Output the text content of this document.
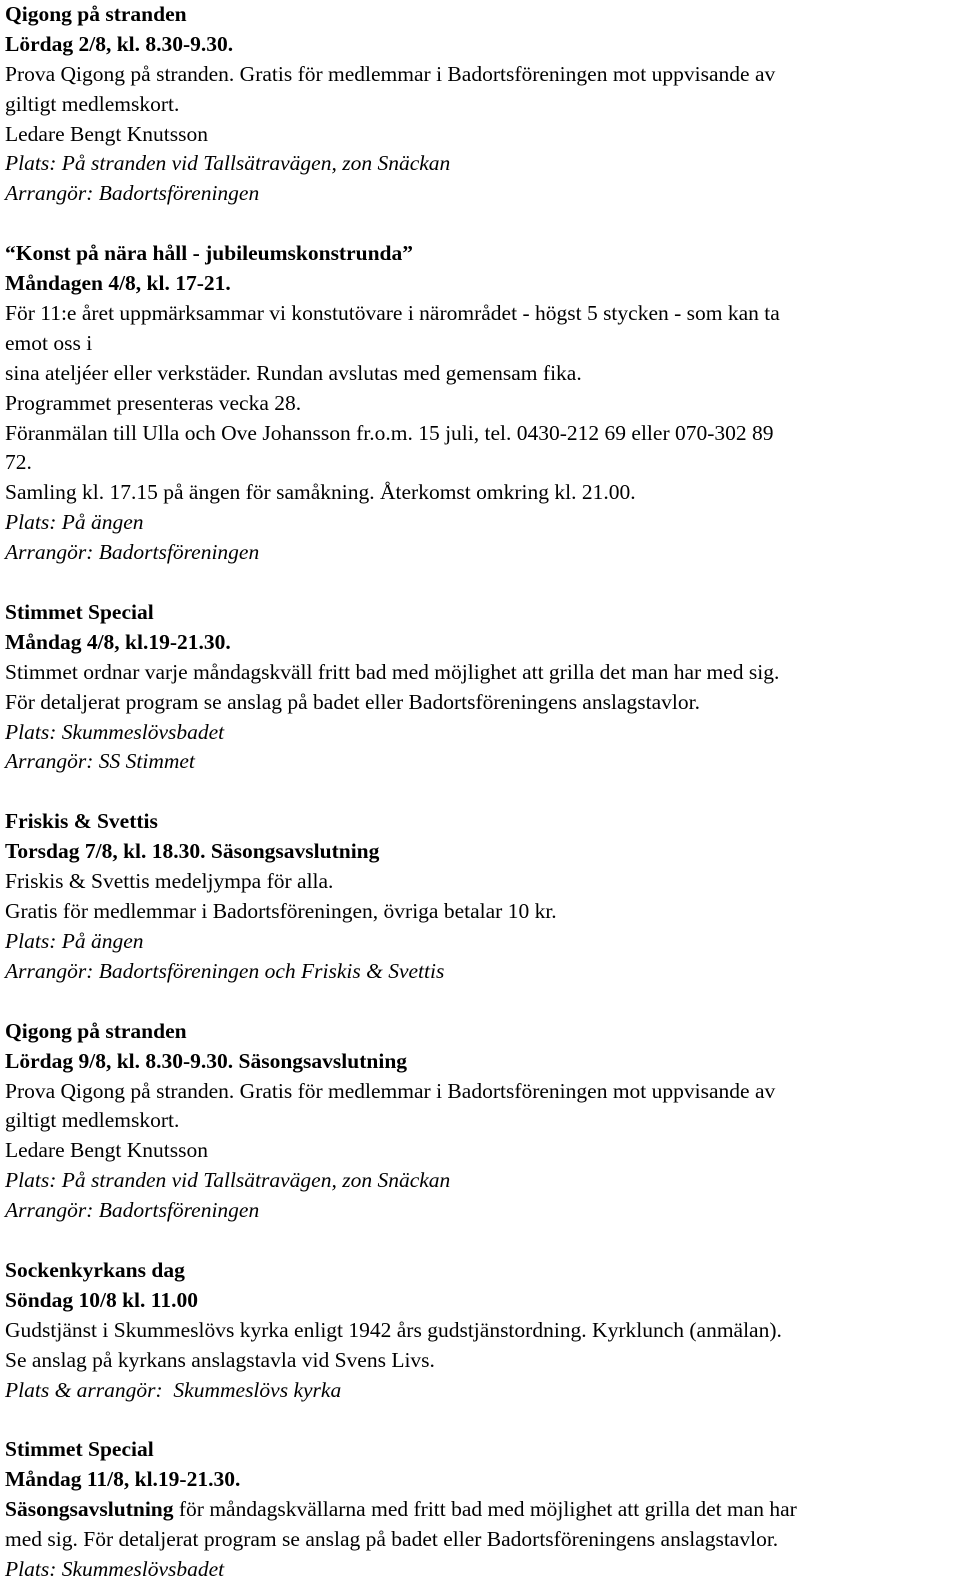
Qigong på stranden
Lördag 2/8, kl. 8.30-9.30.
Prova Qigong på stranden. Gratis för medlemmar i Badortsföreningen mot uppvisande av
giltigt medlemskort.
Ledare Bengt Knutsson
Plats: På stranden vid Tallsätravägen, zon Snäckan
Arrangör: Badortsföreningen
“Konst på nära håll - jubileumskonstrunda”
Måndagen 4/8, kl. 17-21.
För 11:e året uppmärksammar vi konstutövare i närområdet - högst 5 stycken - som kan ta
emot oss i
sina ateljéer eller verkstäder. Rundan avslutas med gemensam fika.
Programmet presenteras vecka 28.
Föranmälan till Ulla och Ove Johansson fr.o.m. 15 juli, tel. 0430-212 69 eller 070-302 89
72.
Samling kl. 17.15 på ängen för samåkning. Återkomst omkring kl. 21.00.
Plats: På ängen
Arrangör: Badortsföreningen
Stimmet Special
Måndag 4/8, kl.19-21.30.
Stimmet ordnar varje måndagskväll fritt bad med möjlighet att grilla det man har med sig.
För detaljerat program se anslag på badet eller Badortsföreningens anslagstavlor.
Plats: Skummeslövsbadet
Arrangör: SS Stimmet
Friskis & Svettis
Torsdag 7/8, kl. 18.30. Säsongsavslutning
Friskis & Svettis medeljympa för alla.
Gratis för medlemmar i Badortsföreningen, övriga betalar 10 kr.
Plats: På ängen
Arrangör: Badortsföreningen och Friskis & Svettis
Qigong på stranden
Lördag 9/8, kl. 8.30-9.30. Säsongsavslutning
Prova Qigong på stranden. Gratis för medlemmar i Badortsföreningen mot uppvisande av
giltigt medlemskort.
Ledare Bengt Knutsson
Plats: På stranden vid Tallsätravägen, zon Snäckan
Arrangör: Badortsföreningen
Sockenkyrkans dag
Söndag 10/8 kl. 11.00
Gudstjänst i Skummeslövs kyrka enligt 1942 års gudstjänstordning. Kyrklunch (anmälan).
Se anslag på kyrkans anslagstavla vid Svens Livs.
Plats & arrangör:  Skummeslövs kyrka
Stimmet Special
Måndag 11/8, kl.19-21.30.
Säsongsavslutning för måndagskvällarna med fritt bad med möjlighet att grilla det man har
med sig. För detaljerat program se anslag på badet eller Badortsföreningens anslagstavlor.
Plats: Skummeslövsbadet
